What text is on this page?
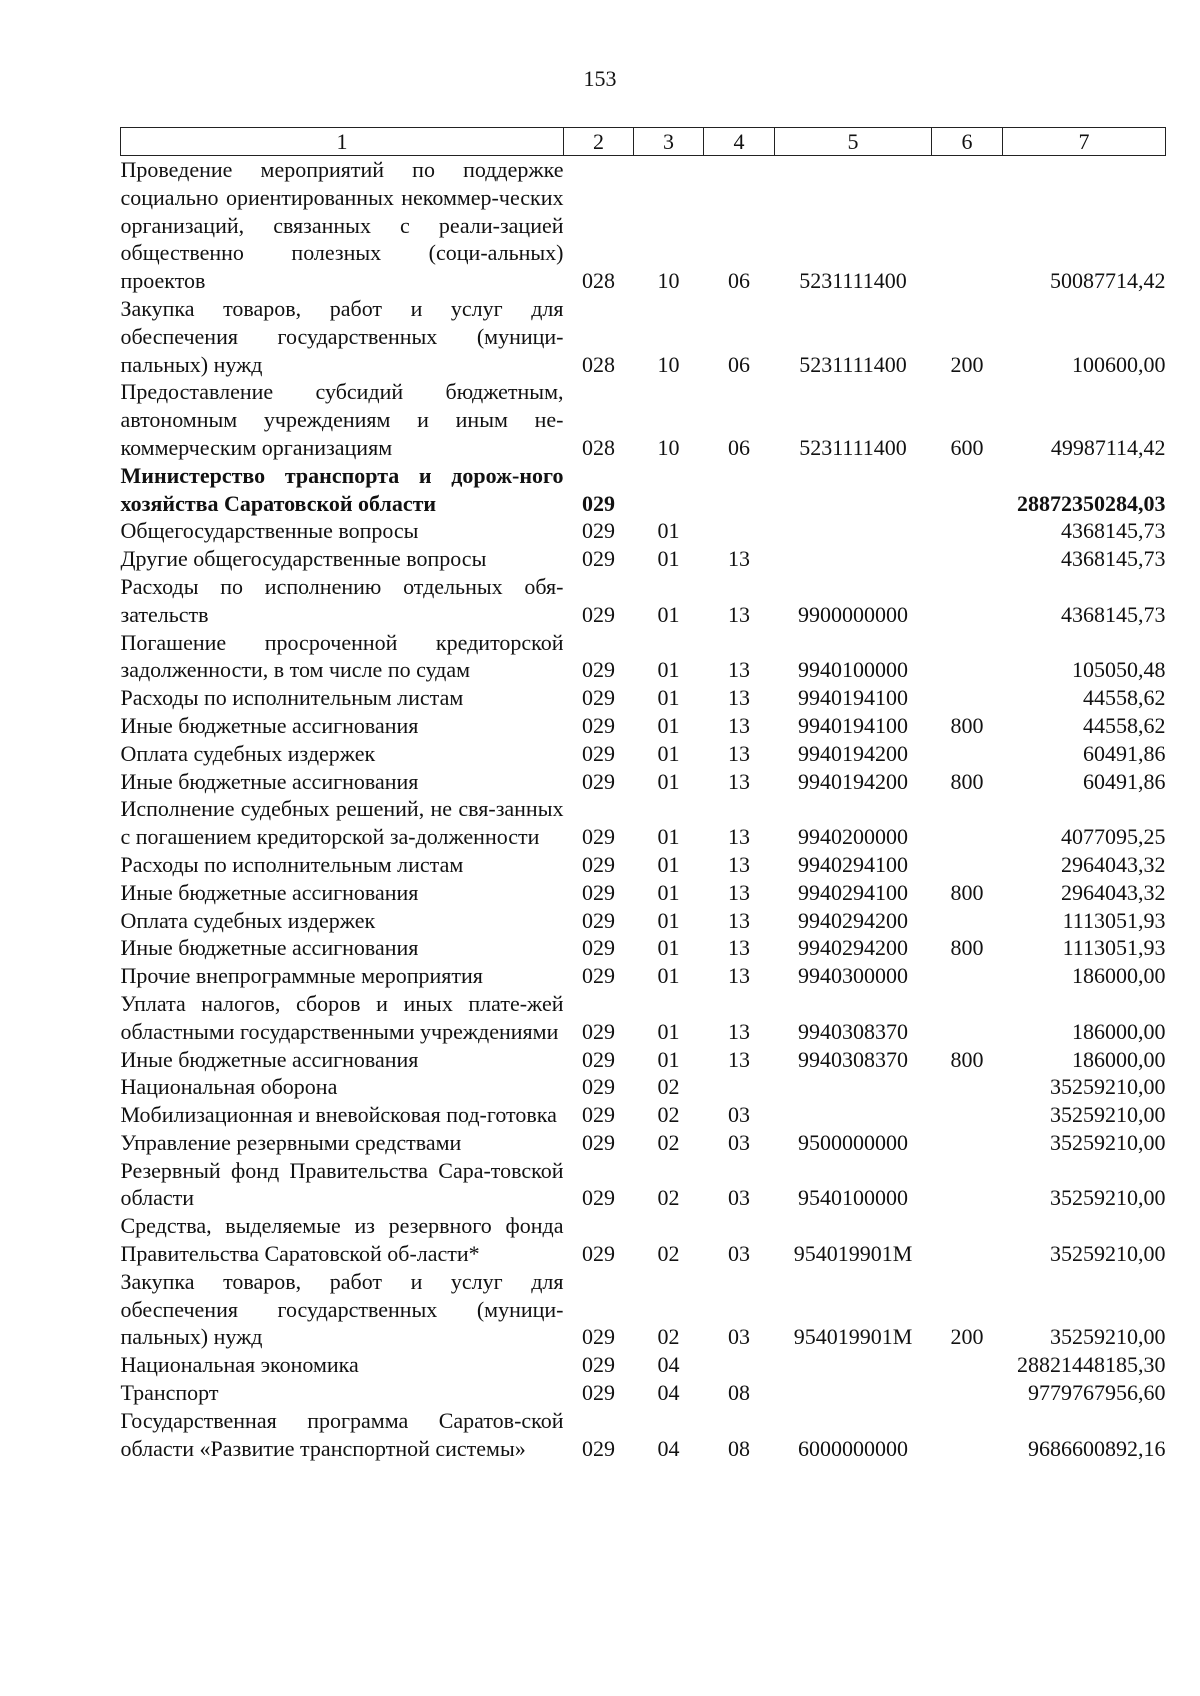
153
1	2	3	4	5	6	7
Проведение мероприятий по поддержке социально ориентированных некоммер-ческих организаций, связанных с реали-зацией общественно полезных (соци-альных) проектов	028	10	06	5231111400		50087714,42
Закупка товаров, работ и услуг для обеспечения государственных (муници-пальных) нужд	028	10	06	5231111400	200	100600,00
Предоставление субсидий бюджетным, автономным учреждениям и иным не-коммерческим организациям	028	10	06	5231111400	600	49987114,42
Министерство транспорта и дорож-ного хозяйства Саратовской области	029					28872350284,03
Общегосударственные вопросы	029	01				4368145,73
Другие общегосударственные вопросы	029	01	13			4368145,73
Расходы по исполнению отдельных обя-зательств	029	01	13	9900000000		4368145,73
Погашение просроченной кредиторской задолженности, в том числе по судам	029	01	13	9940100000		105050,48
Расходы по исполнительным листам	029	01	13	9940194100		44558,62
Иные бюджетные ассигнования	029	01	13	9940194100	800	44558,62
Оплата судебных издержек	029	01	13	9940194200		60491,86
Иные бюджетные ассигнования	029	01	13	9940194200	800	60491,86
Исполнение судебных решений, не свя-занных с погашением кредиторской за-долженности	029	01	13	9940200000		4077095,25
Расходы по исполнительным листам	029	01	13	9940294100		2964043,32
Иные бюджетные ассигнования	029	01	13	9940294100	800	2964043,32
Оплата судебных издержек	029	01	13	9940294200		1113051,93
Иные бюджетные ассигнования	029	01	13	9940294200	800	1113051,93
Прочие внепрограммные мероприятия	029	01	13	9940300000		186000,00
Уплата налогов, сборов и иных плате-жей областными государственными учреждениями	029	01	13	9940308370		186000,00
Иные бюджетные ассигнования	029	01	13	9940308370	800	186000,00
Национальная оборона	029	02				35259210,00
Мобилизационная и вневойсковая под-готовка	029	02	03			35259210,00
Управление резервными средствами	029	02	03	9500000000		35259210,00
Резервный фонд Правительства Сара-товской области	029	02	03	9540100000		35259210,00
Средства, выделяемые из резервного фонда Правительства Саратовской об-ласти*	029	02	03	954019901М		35259210,00
Закупка товаров, работ и услуг для обеспечения государственных (муници-пальных) нужд	029	02	03	954019901М	200	35259210,00
Национальная экономика	029	04				28821448185,30
Транспорт	029	04	08			9779767956,60
Государственная программа Саратов-ской области «Развитие транспортной системы»	029	04	08	6000000000		9686600892,16
